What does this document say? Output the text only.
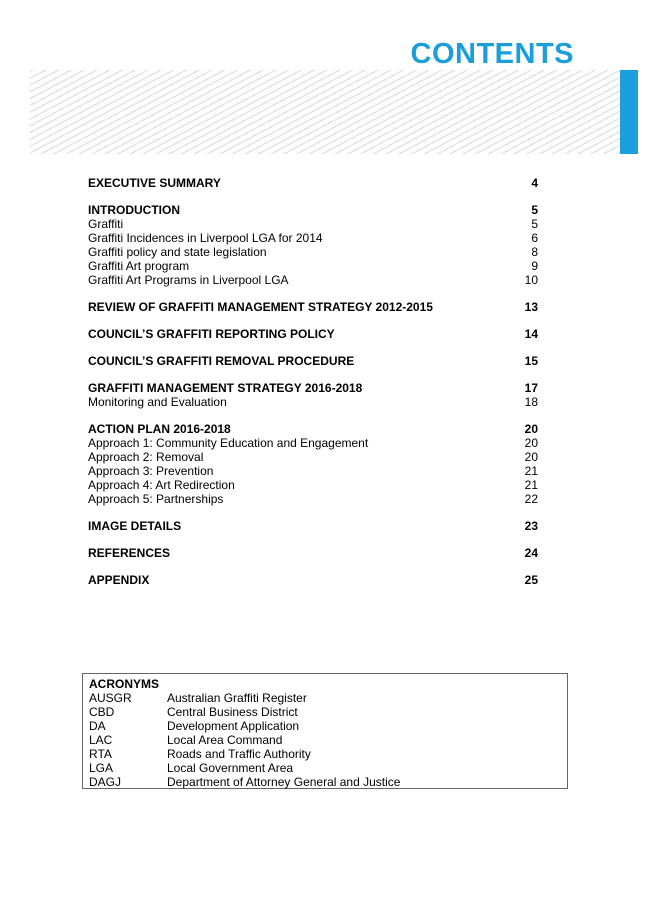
CONTENTS
EXECUTIVE SUMMARY	4
INTRODUCTION	5
Graffiti	5
Graffiti Incidences in Liverpool LGA for 2014	6
Graffiti policy and state legislation	8
Graffiti Art program	9
Graffiti Art Programs in Liverpool LGA	10
REVIEW OF GRAFFITI MANAGEMENT STRATEGY 2012-2015	13
COUNCIL’S GRAFFITI REPORTING POLICY	14
COUNCIL’S GRAFFITI REMOVAL PROCEDURE	15
GRAFFITI MANAGEMENT STRATEGY 2016-2018	17
Monitoring and Evaluation	18
ACTION PLAN 2016-2018	20
Approach 1: Community Education and Engagement	20
Approach 2: Removal	20
Approach 3: Prevention	21
Approach 4: Art Redirection	21
Approach 5: Partnerships	22
IMAGE DETAILS	23
REFERENCES	24
APPENDIX	25
ACRONYMS
AUSGR	Australian Graffiti Register
CBD	Central Business District
DA	Development Application
LAC	Local Area Command
RTA	Roads and Traffic Authority
LGA	Local Government Area
DAGJ	Department of Attorney General and Justice
